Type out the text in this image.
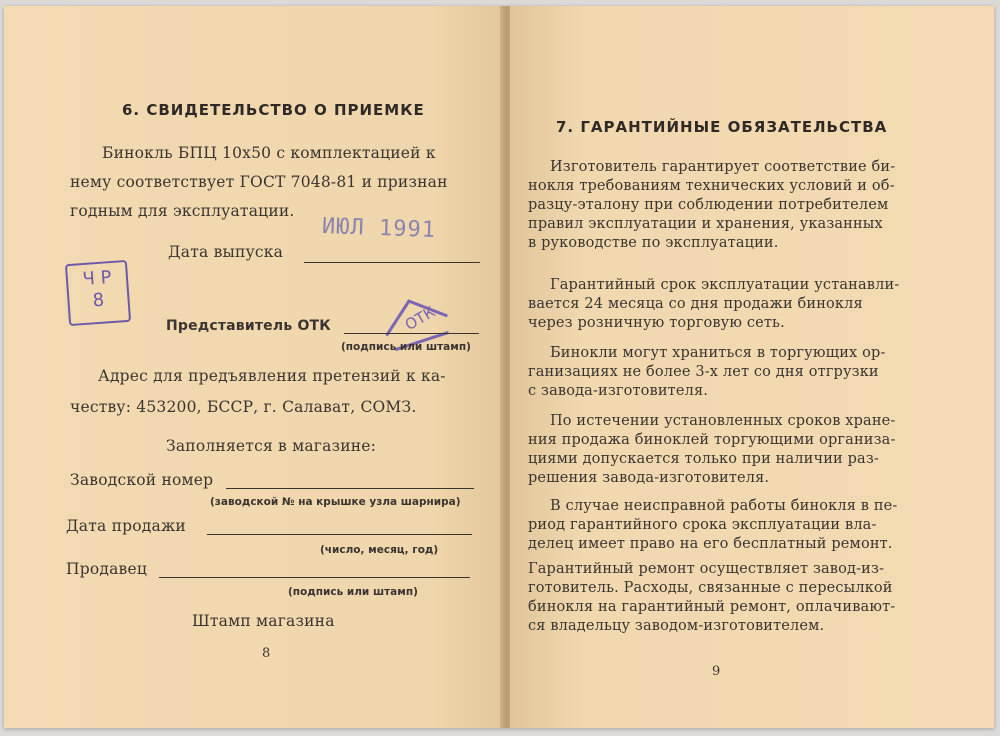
6. СВИДЕТЕЛЬСТВО О ПРИЕМКЕ
Бинокль БПЦ 10х50 с комплектацией к
нему соответствует ГОСТ 7048-81 и признан
годным для эксплуатации.
ИЮЛ 1991
Дата выпуска
Ч Р
8
ОТК
Представитель ОТК
(подпись или штамп)
Адрес для предъявления претензий к ка-
честву: 453200, БССР, г. Салават, СОМЗ.
Заполняется в магазине:
Заводской номер
(заводской № на крышке узла шарнира)
Дата продажи
(число, месяц, год)
Продавец
(подпись или штамп)
Штамп магазина
8
7. ГАРАНТИЙНЫЕ ОБЯЗАТЕЛЬСТВА
Изготовитель гарантирует соответствие би-
нокля требованиям технических условий и об-
разцу-эталону при соблюдении потребителем
правил эксплуатации и хранения, указанных
в руководстве по эксплуатации.
Гарантийный срок эксплуатации устанавли-
вается 24 месяца со дня продажи бинокля
через розничную торговую сеть.
Бинокли могут храниться в торгующих ор-
ганизациях не более 3-х лет со дня отгрузки
с завода-изготовителя.
По истечении установленных сроков хране-
ния продажа биноклей торгующими организа-
циями допускается только при наличии раз-
решения завода-изготовителя.
В случае неисправной работы бинокля в пе-
риод гарантийного срока эксплуатации вла-
делец имеет право на его бесплатный ремонт.
Гарантийный ремонт осуществляет завод-из-
готовитель. Расходы, связанные с пересылкой
бинокля на гарантийный ремонт, оплачивают-
ся владельцу заводом-изготовителем.
9
